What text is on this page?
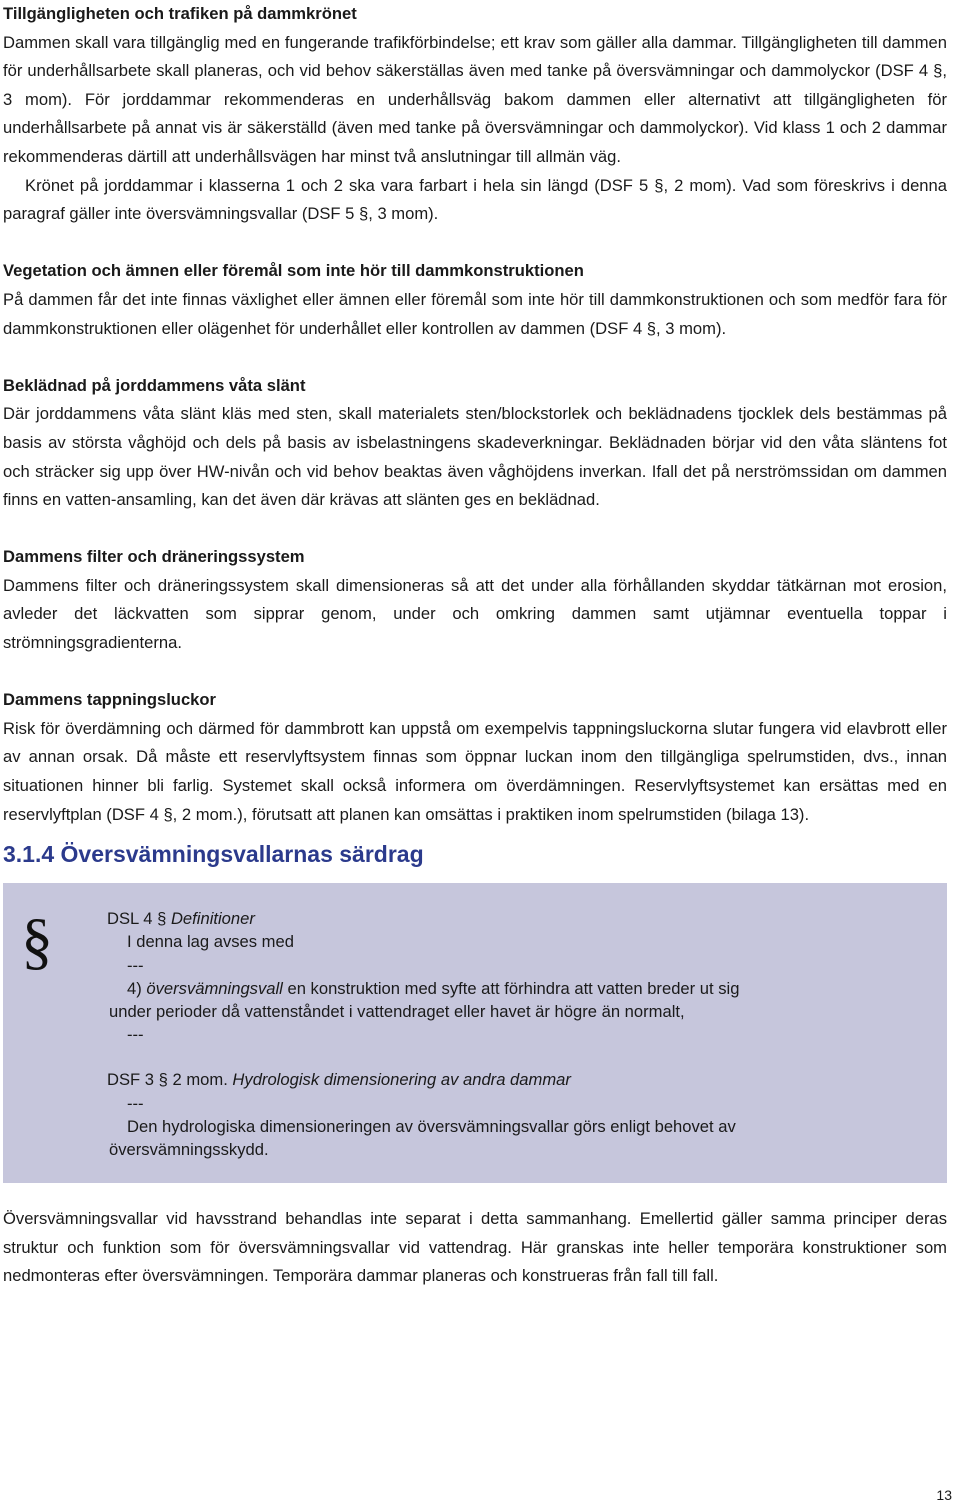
Tillgängligheten och trafiken på dammkrönet

Dammen skall vara tillgänglig med en fungerande trafikförbindelse; ett krav som gäller alla dammar. Tillgängligheten till dammen för underhållsarbete skall planeras, och vid behov säkerställas även med tanke på översvämningar och dammolyckor (DSF 4 §, 3 mom). För jorddammar rekommenderas en underhållsväg bakom dammen eller alternativt att tillgängligheten för underhållsarbete på annat vis är säkerställd (även med tanke på översvämningar och dammolyckor). Vid klass 1 och 2 dammar rekommenderas därtill att underhållsvägen har minst två anslutningar till allmän väg.

Krönet på jorddammar i klasserna 1 och 2 ska vara farbart i hela sin längd (DSF 5 §, 2 mom). Vad som föreskrivs i denna paragraf gäller inte översvämningsvallar (DSF 5 §, 3 mom).

Vegetation och ämnen eller föremål som inte hör till dammkonstruktionen

På dammen får det inte finnas växlighet eller ämnen eller föremål som inte hör till dammkonstruktionen och som medför fara för dammkonstruktionen eller olägenhet för underhållet eller kontrollen av dammen (DSF 4 §, 3 mom).

Beklädnad på jorddammens våta slänt

Där jorddammens våta slänt kläs med sten, skall materialets sten/blockstorlek och beklädnadens tjocklek dels bestämmas på basis av största våghöjd och dels på basis av isbelastningens skadeverkningar. Beklädnaden börjar vid den våta släntens fot och sträcker sig upp över HW-nivån och vid behov beaktas även våghöjdens inverkan. Ifall det på nerströmssidan om dammen finns en vatten-ansamling, kan det även där krävas att slänten ges en beklädnad.

Dammens filter och dräneringssystem

Dammens filter och dräneringssystem skall dimensioneras så att det under alla förhållanden skyddar tätkärnan mot erosion, avleder det läckvatten som sipprar genom, under och omkring dammen samt utjämnar eventuella toppar i strömningsgradienterna.

Dammens tappningsluckor

Risk för överdämning och därmed för dammbrott kan uppstå om exempelvis tappningsluckorna slutar fungera vid elavbrott eller av annan orsak. Då måste ett reservlyftsystem finnas som öppnar luckan inom den tillgängliga spelrumstiden, dvs., innan situationen hinner bli farlig. Systemet skall också informera om överdämningen. Reservlyftsystemet kan ersättas med en reservlyftplan (DSF 4 §, 2 mom.), förutsatt att planen kan omsättas i praktiken inom spelrumstiden (bilaga 13).

3.1.4 Översvämningsvallarnas särdrag
§	DSL 4 § Definitioner

I denna lag avses med

---

4) översvämningsvall en konstruktion med syfte att förhindra att vatten breder ut sig

under perioder då vattenståndet i vattendraget eller havet är högre än normalt,

---

DSF 3 § 2 mom. Hydrologisk dimensionering av andra dammar

---

Den hydrologiska dimensioneringen av översvämningsvallar görs enligt behovet av

översvämningsskydd.

Översvämningsvallar vid havsstrand behandlas inte separat i detta sammanhang. Emellertid gäller samma principer deras struktur och funktion som för översvämningsvallar vid vattendrag. Här granskas inte heller temporära konstruktioner som nedmonteras efter översvämningen. Temporära dammar planeras och konstrueras från fall till fall.

13
